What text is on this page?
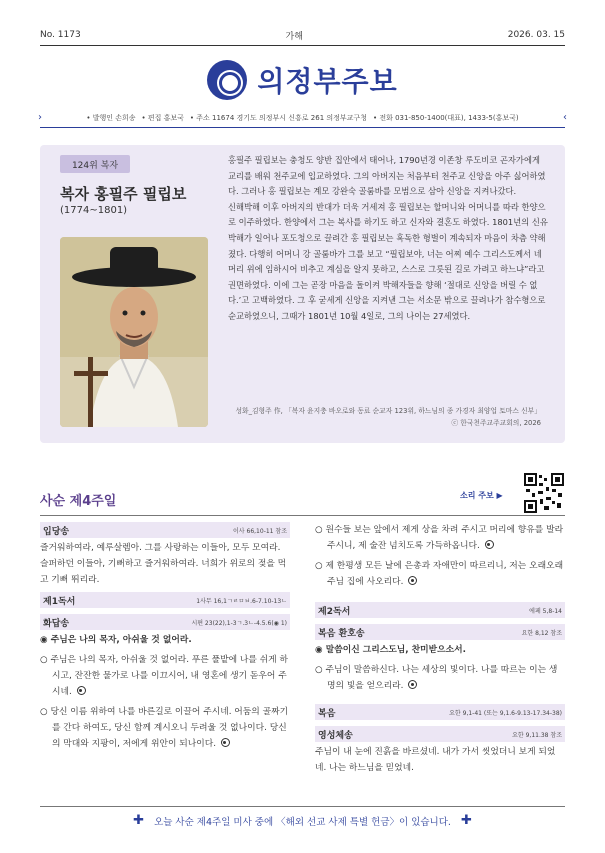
No. 1173	가해	2026. 03. 15
의정부주보
›	• 발행인 손희송 • 편집 홍보국 • 주소 11674 경기도 의정부시 신흥로 261 의정부교구청 • 전화 031-850-1400(대표), 1433-5(홍보국)	‹
124위 복자
복자 홍필주 필립보
(1774~1801)

홍필주 필립보는 충청도 양반 집안에서 태어나, 1790년경 이존창 루도비코 곤자가에게 교리를 배워 천주교에 입교하였다. 그의 아버지는 처음부터 천주교 신앙을 아주 싫어하였다. 그러나 홍 필립보는 계모 강완숙 골룸바를 모범으로 삼아 신앙을 지켜나갔다.

신해박해 이후 아버지의 반대가 더욱 거세져 홍 필립보는 할머니와 어머니를 따라 한양으로 이주하였다. 한양에서 그는 복사를 하기도 하고 신자와 결혼도 하였다. 1801년의 신유박해가 일어나 포도청으로 끌려간 홍 필립보는 혹독한 형벌이 계속되자 마음이 차츰 약해졌다. 다행히 어머니 강 골룸바가 그를 보고 “필립보야, 너는 어찌 예수 그리스도께서 네 머리 위에 임하시어 비추고 계심을 알지 못하고, 스스로 그릇된 길로 가려고 하느냐”라고 권면하였다. 이에 그는 곧장 마음을 돌이켜 박해자들을 향해 ‘절대로 신앙을 버릴 수 없다.’고 고백하였다. 그 후 굳세게 신앙을 지켜낸 그는 서소문 밖으로 끌려나가 참수형으로 순교하였으니, 그때가 1801년 10월 4일로, 그의 나이는 27세였다.

성화_김형주 作, 「복자 윤지충 바오로와 동료 순교자 123위, 하느님의 종 가경자 최양업 토마스 신부」
ⓒ 한국천주교주교회의, 2026
사순 제4주일	소리 주보 ▶
입당송	이사 66,10-11 참조
즐거워하여라, 예루살렘아. 그를 사랑하는 이들아, 모두 모여라. 슬퍼하던 이들아, 기뻐하고 즐거워하여라. 너희가 위로의 젖을 먹고 기뻐 뛰리라.
제1독서	1사무 16,1ㄱㄹㅁㅂ.6-7.10-13ㄴ
화답송	시편 23(22),1-3ㄱ.3ㄴ-4.5.6(◉ 1)
◉ 주님은 나의 목자, 아쉬울 것 없어라.
○ 주님은 나의 목자, 아쉬울 것 없어라. 푸른 풀밭에 나를 쉬게 하시고, 잔잔한 물가로 나를 이끄시어, 내 영혼에 생기 돋우어 주시네.
○ 당신 이름 위하여 나를 바른길로 이끌어 주시네. 어둠의 골짜기를 간다 하여도, 당신 함께 계시오니 두려울 것 없나이다. 당신의 막대와 지팡이, 저에게 위안이 되나이다.
○ 원수들 보는 앞에서 제게 상을 차려 주시고 머리에 향유를 발라 주시니, 제 술잔 넘치도록 가득하옵니다.
○ 제 한평생 모든 날에 은총과 자애만이 따르리니, 저는 오래오래 주님 집에 사오리다.
제2독서	에페 5,8-14
복음 환호송	요한 8,12 참조
◉ 말씀이신 그리스도님, 찬미받으소서.
○ 주님이 말씀하신다. 나는 세상의 빛이다. 나를 따르는 이는 생명의 빛을 얻으리라.
복음	요한 9,1-41 (또는 9,1.6-9.13-17.34-38)
영성체송	요한 9,11.38 참조
주님이 내 눈에 진흙을 바르셨네. 내가 가서 씻었더니 보게 되었네. 나는 하느님을 믿었네.
✚ 오늘 사순 제4주일 미사 중에 〈해외 선교 사제 특별 헌금〉이 있습니다. ✚
